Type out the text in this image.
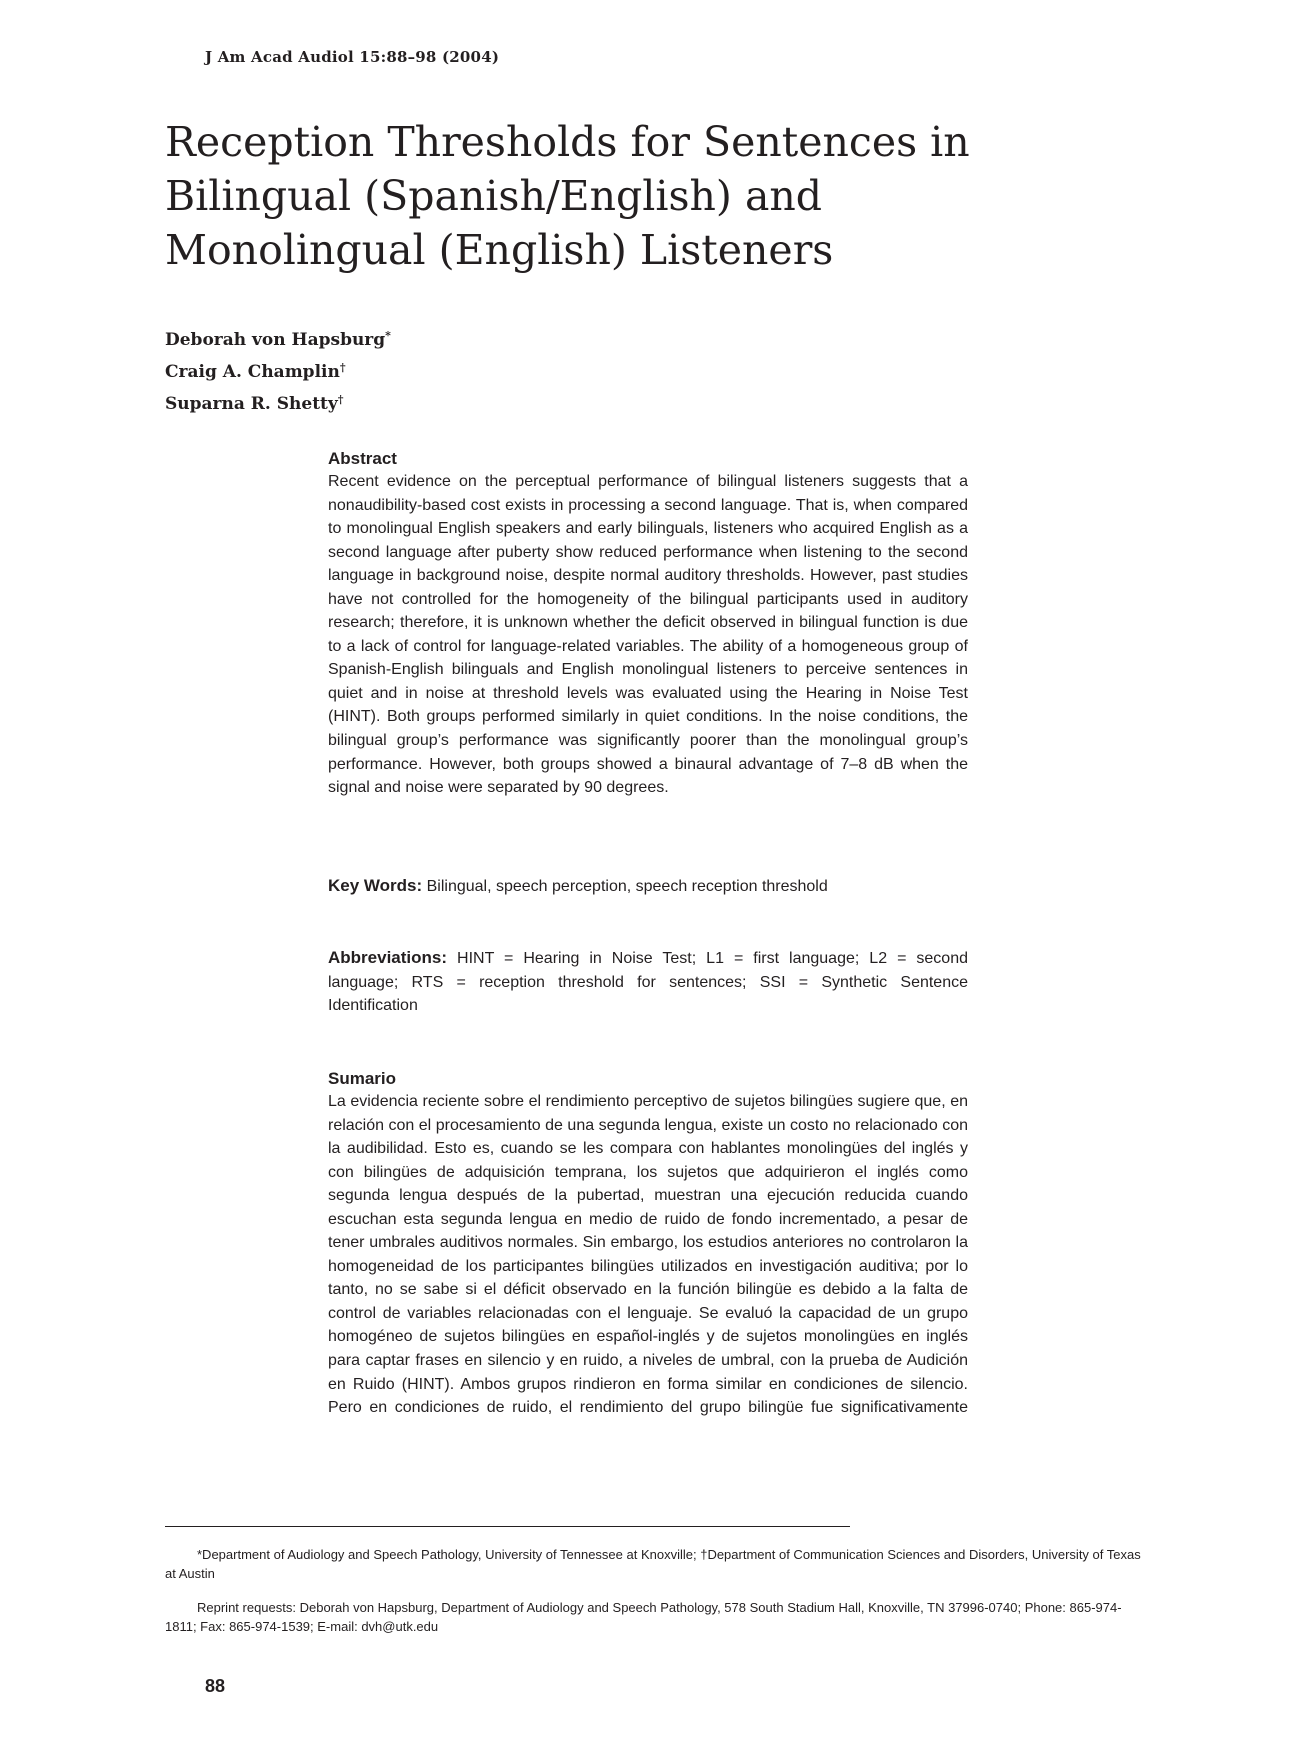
J Am Acad Audiol 15:88–98 (2004)
Reception Thresholds for Sentences in
Bilingual (Spanish/English) and
Monolingual (English) Listeners
Deborah von Hapsburg*
Craig A. Champlin†
Suparna R. Shetty†
Abstract
Recent evidence on the perceptual performance of bilingual listeners suggests that a nonaudibility-based cost exists in processing a second language. That is, when compared to monolingual English speakers and early bilinguals, listeners who acquired English as a second language after puberty show reduced performance when listening to the second language in background noise, despite normal auditory thresholds. However, past studies have not controlled for the homogeneity of the bilingual participants used in auditory research; therefore, it is unknown whether the deficit observed in bilingual function is due to a lack of control for language-related variables. The ability of a homogeneous group of Spanish-English bilinguals and English monolingual listeners to perceive sentences in quiet and in noise at threshold levels was evaluated using the Hearing in Noise Test (HINT). Both groups performed similarly in quiet conditions. In the noise conditions, the bilingual group’s performance was significantly poorer than the monolingual group’s performance. However, both groups showed a binaural advantage of 7–8 dB when the signal and noise were separated by 90 degrees.
Key Words: Bilingual, speech perception, speech reception threshold
Abbreviations: HINT = Hearing in Noise Test; L1 = first language; L2 = second language; RTS = reception threshold for sentences; SSI = Synthetic Sentence Identification
Sumario
La evidencia reciente sobre el rendimiento perceptivo de sujetos bilingües sugiere que, en relación con el procesamiento de una segunda lengua, existe un costo no relacionado con la audibilidad. Esto es, cuando se les compara con hablantes monolingües del inglés y con bilingües de adquisición temprana, los sujetos que adquirieron el inglés como segunda lengua después de la pubertad, muestran una ejecución reducida cuando escuchan esta segunda lengua en medio de ruido de fondo incrementado, a pesar de tener umbrales auditivos normales. Sin embargo, los estudios anteriores no controlaron la homogeneidad de los participantes bilingües utilizados en investigación auditiva; por lo tanto, no se sabe si el déficit observado en la función bilingüe es debido a la falta de control de variables relacionadas con el lenguaje. Se evaluó la capacidad de un grupo homogéneo de sujetos bilingües en español-inglés y de sujetos monolingües en inglés para captar frases en silencio y en ruido, a niveles de umbral, con la prueba de Audición en Ruido (HINT). Ambos grupos rindieron en forma similar en condiciones de silencio. Pero en condiciones de ruido, el rendimiento del grupo bilingüe fue significativamente
*Department of Audiology and Speech Pathology, University of Tennessee at Knoxville; †Department of Communication Sciences and Disorders, University of Texas at Austin
Reprint requests: Deborah von Hapsburg, Department of Audiology and Speech Pathology, 578 South Stadium Hall, Knoxville, TN 37996-0740; Phone: 865-974-1811; Fax: 865-974-1539; E-mail: dvh@utk.edu
88
